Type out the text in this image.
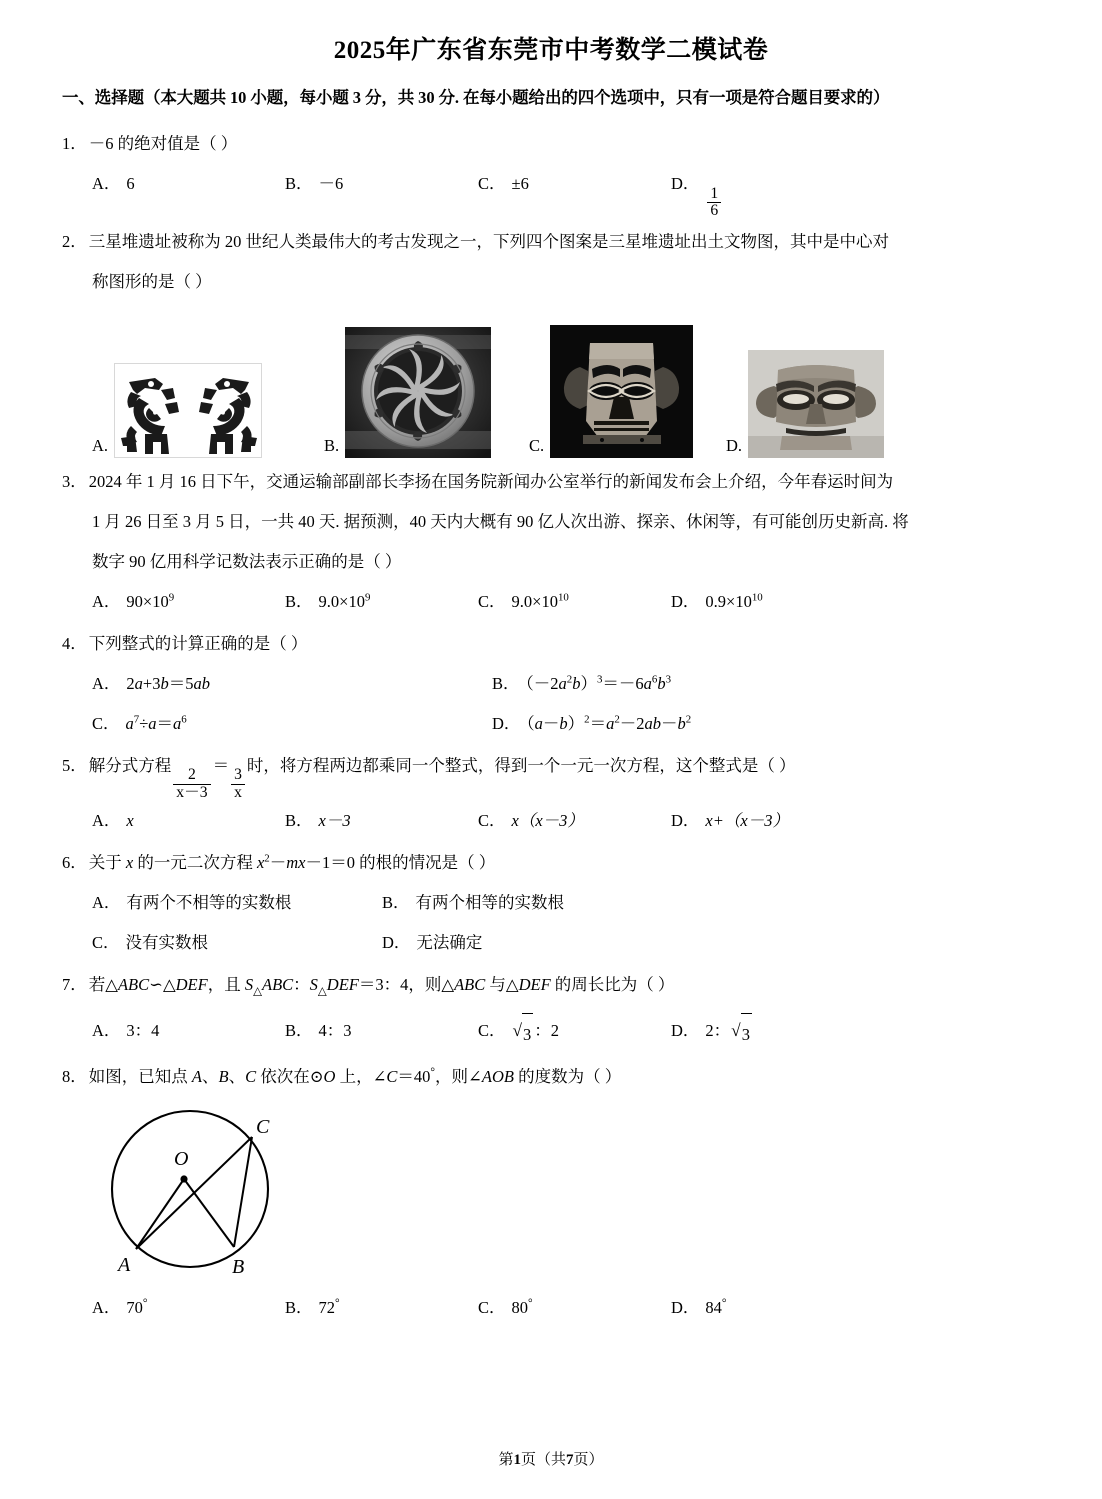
2025年广东省东莞市中考数学二模试卷
一、选择题（本大题共 10 小题，每小题 3 分，共 30 分. 在每小题给出的四个选项中，只有一项是符合题目要求的）
1． －6 的绝对值是（ ）
A． 6	B． －6	C． ±6	D．
$\frac{1}{6}$
2． 三星堆遗址被称为 20 世纪人类最伟大的考古发现之一，下列四个图案是三星堆遗址出土文物图，其中是中心对
称图形的是（ ）
A.	B.	C.	D.
3． 2024 年 1 月 16 日下午，交通运输部副部长李扬在国务院新闻办公室举行的新闻发布会上介绍，今年春运时间为
1 月 26 日至 3 月 5 日，一共 40 天. 据预测，40 天内大概有 90 亿人次出游、探亲、休闲等，有可能创历史新高. 将
数字 90 亿用科学记数法表示正确的是（ ）
A． $90\times 10^9$	B． $9.0\times 10^9$	C． $9.0\times 10^{10}$	D． $0.9\times 10^{10}$
4． 下列整式的计算正确的是（ ）
A． 2a+3b＝5ab	B． $(-2a^2b)^3=-6a^6b^3$
C． $a^7\div a=a^6$	D． $(a-b)^2=a^2-2ab-b^2$
5． 解分式方程
$\frac{2}{x-3}$
＝
$\frac{3}{x}$
时，将方程两边都乘同一个整式，得到一个一元一次方程，这个整式是（ ）
A． x	B． x－3	C． x（x－3）	D． x+（x－3）
6． 关于 x 的一元二次方程 $x^2-mx-1=0$ 的根的情况是（ ）
A． 有两个不相等的实数根	B． 有两个相等的实数根
C． 没有实数根	D． 无法确定
7． 若△ABC∽△DEF，且 $S_\triangle ABC$：$S_\triangle DEF=3$：4，则△ABC 与△DEF 的周长比为（ ）
A． 3：4	B． 4：3	C． √ 3 ：2	D． 2： √ 3
8． 如图，已知点 A、B、C 依次在⊙O 上，∠C＝40°，则∠AOB 的度数为（ ）
O
A	B
C
A． 70°	B． 72°	C． 80°	D． 84°
第1页（共7页）
